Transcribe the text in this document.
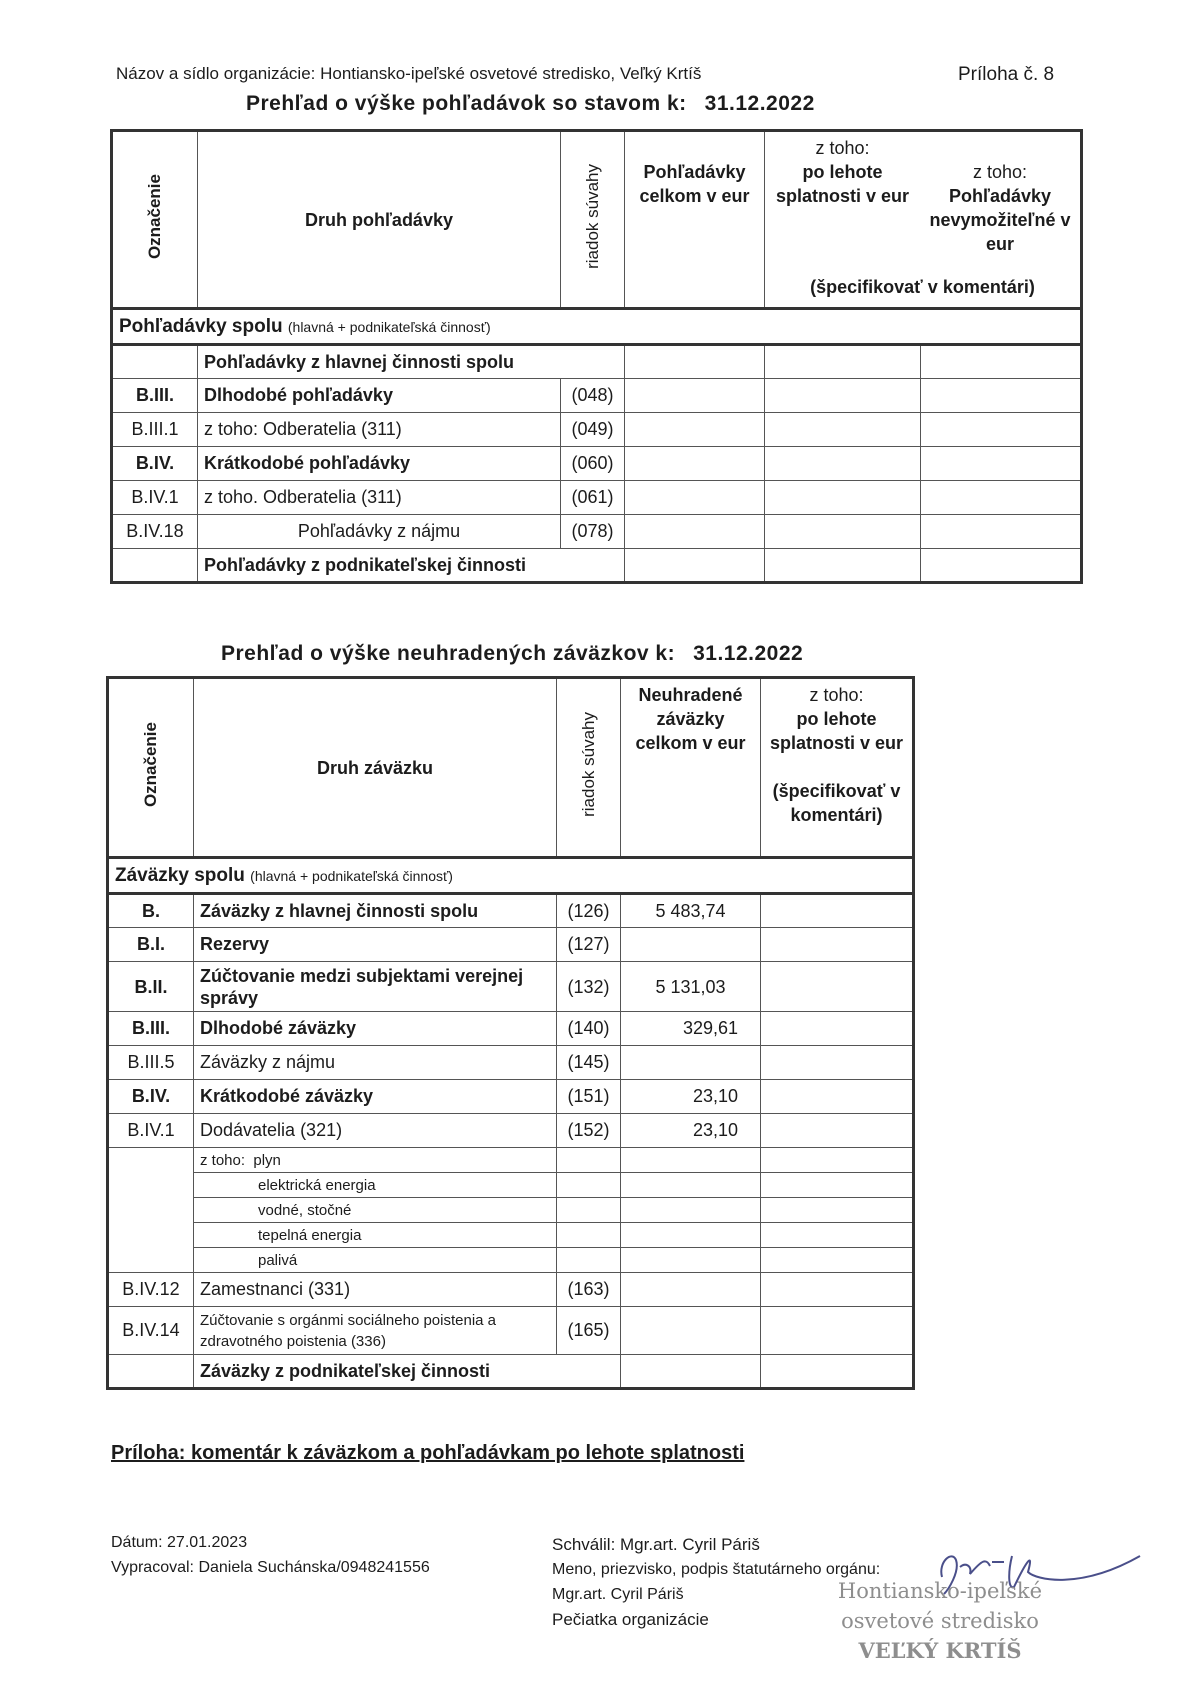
Názov a sídlo organizácie: Hontiansko-ipeľské osvetové stredisko, Veľký Krtíš	Príloha č. 8
Prehľad o výške pohľadávok so stavom k: 31.12.2022
Označenie	Druh pohľadávky	riadok súvahy	Pohľadávky celkom v eur	z toho:
po lehote splatnosti v eur
z toho:
Pohľadávky nevymožiteľné v eur
(špecifikovať v komentári)	

Pohľadávky spolu (hlavná + podnikateľská činnosť)					
	Pohľadávky z hlavnej činnosti spolu				
B.III.	Dlhodobé pohľadávky	(048)			
B.III.1	z toho: Odberatelia (311)	(049)			
B.IV.	Krátkodobé pohľadávky	(060)			
B.IV.1	z toho. Odberatelia (311)	(061)			
B.IV.18	Pohľadávky z nájmu	(078)			
	Pohľadávky z podnikateľskej činnosti				
Prehľad o výške neuhradených záväzkov k: 31.12.2022
Označenie	Druh záväzku	riadok súvahy	Neuhradené záväzky celkom v eur	z toho:
po lehote splatnosti v eur
(špecifikovať v komentári)

Záväzky spolu (hlavná + podnikateľská činnosť)				
B.	Záväzky z hlavnej činnosti spolu	(126)	5 483,74	
B.I.	Rezervy	(127)		
B.II.	Zúčtovanie medzi subjektami verejnej správy	(132)	5 131,03	
B.III.	Dlhodobé záväzky	(140)	329,61	
B.III.5	Záväzky z nájmu	(145)		
B.IV.	Krátkodobé záväzky	(151)	23,10	
B.IV.1	Dodávatelia (321)	(152)	23,10	
	z toho: plyn			
	elektrická energia			
	vodné, stočné			
	tepelná energia			
	palivá			
B.IV.12	Zamestnanci (331)	(163)		
B.IV.14	Zúčtovanie s orgánmi sociálneho poistenia a zdravotného poistenia (336)	(165)		
	Záväzky z podnikateľskej činnosti			
Príloha: komentár k záväzkom a pohľadávkam po lehote splatnosti
Dátum: 27.01.2023
Vypracoval: Daniela Suchánska/0948241556
Schválil: Mgr.art. Cyril Páriš
Meno, priezvisko, podpis štatutárneho orgánu:
Mgr.art. Cyril Páriš
Pečiatka organizácie
Hontiansko-ipeľské
osvetové stredisko
VEĽKÝ KRTÍŠ
